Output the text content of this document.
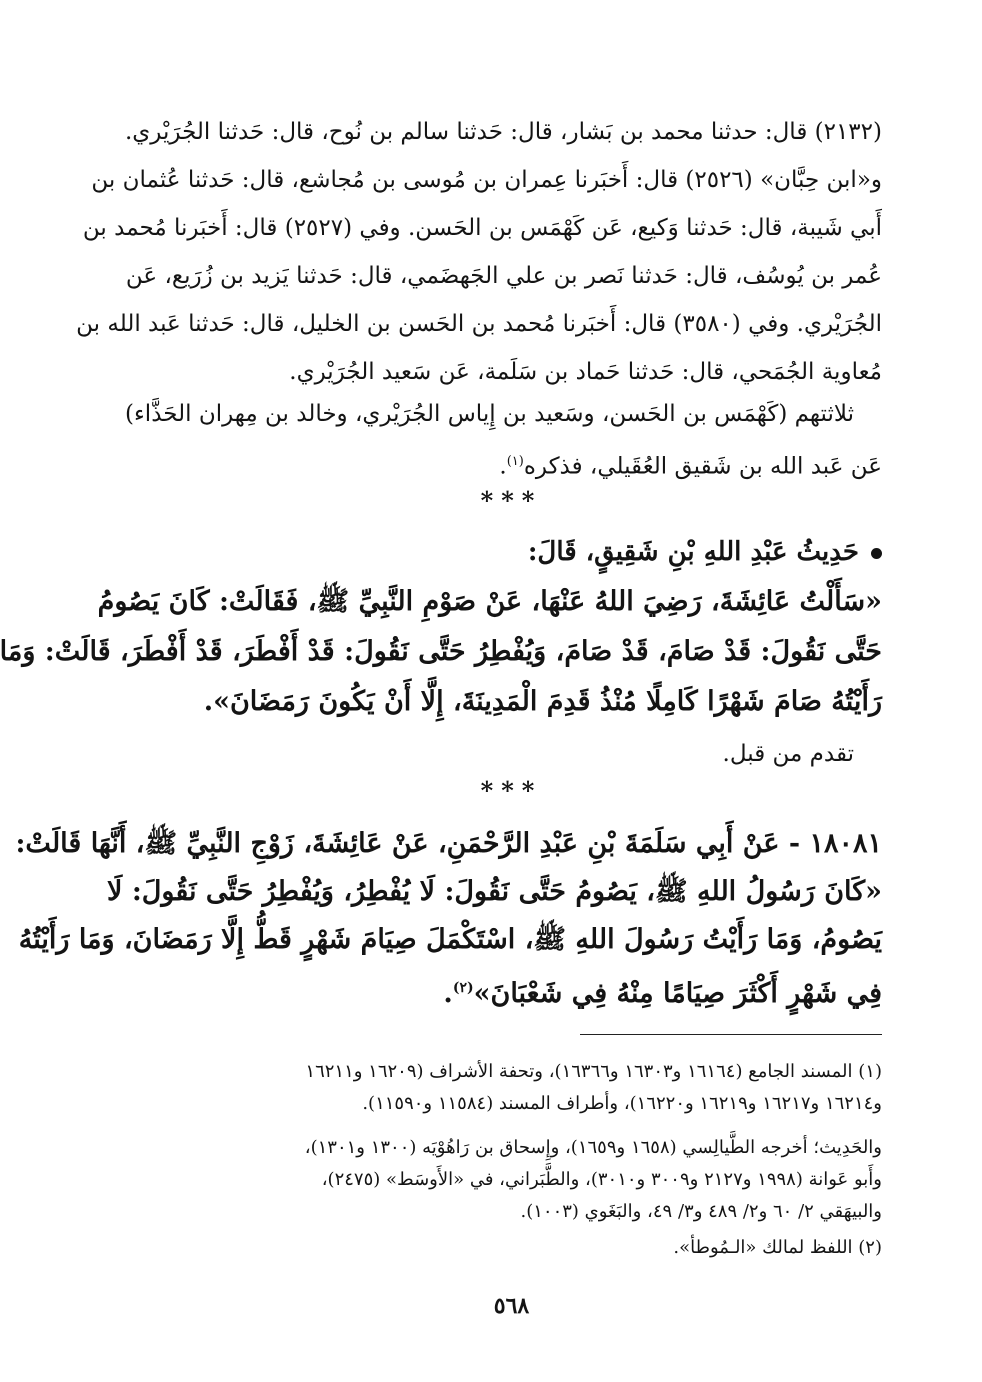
(٢١٣٢) قال: حدثنا محمد بن بَشار، قال: حَدثنا سالم بن نُوح، قال: حَدثنا الجُرَيْري.
و«ابن حِبَّان» (٢٥٢٦) قال: أَخبَرنا عِمران بن مُوسى بن مُجاشع، قال: حَدثنا عُثمان بن
أَبي شَيبة، قال: حَدثنا وَكيع، عَن كَهْمَس بن الحَسن. وفي (٢٥٢٧) قال: أَخبَرنا مُحمد بن
عُمر بن يُوسُف، قال: حَدثنا نَصر بن علي الجَهضَمي، قال: حَدثنا يَزيد بن زُرَيع، عَن
الجُرَيْري. وفي (٣٥٨٠) قال: أَخبَرنا مُحمد بن الحَسن بن الخليل، قال: حَدثنا عَبد الله بن
مُعاوية الجُمَحي، قال: حَدثنا حَماد بن سَلَمة، عَن سَعيد الجُرَيْري.
ثلاثتهم (كَهْمَس بن الحَسن، وسَعيد بن إِياس الجُرَيْري، وخالد بن مِهران الحَذَّاء)
عَن عَبد الله بن شَقيق العُقَيلي، فذكره$^{(١)}$.
***
حَدِيثُ عَبْدِ اللهِ بْنِ شَقِيقٍ، قَالَ:
«سَأَلْتُ عَائِشَةَ، رَضِيَ اللهُ عَنْهَا، عَنْ صَوْمِ النَّبِيِّ ﷺ، فَقَالَتْ: كَانَ يَصُومُ
حَتَّى نَقُولَ: قَدْ صَامَ، قَدْ صَامَ، وَيُفْطِرُ حَتَّى نَقُولَ: قَدْ أَفْطَرَ، قَدْ أَفْطَرَ، قَالَتْ: وَمَا
رَأَيْتُهُ صَامَ شَهْرًا كَامِلًا مُنْذُ قَدِمَ الْمَدِينَةَ، إِلَّا أَنْ يَكُونَ رَمَضَانَ».
تقدم من قبل.
***
١٨٠٨١ - عَنْ أَبِي سَلَمَةَ بْنِ عَبْدِ الرَّحْمَنِ، عَنْ عَائِشَةَ، زَوْجِ النَّبِيِّ ﷺ، أَنَّهَا قَالَتْ:
«كَانَ رَسُولُ اللهِ ﷺ، يَصُومُ حَتَّى نَقُولَ: لَا يُفْطِرُ، وَيُفْطِرُ حَتَّى نَقُولَ: لَا
يَصُومُ، وَمَا رَأَيْتُ رَسُولَ اللهِ ﷺ، اسْتَكْمَلَ صِيَامَ شَهْرٍ قَطُّ إِلَّا رَمَضَانَ، وَمَا رَأَيْتُهُ
فِي شَهْرٍ أَكْثَرَ صِيَامًا مِنْهُ فِي شَعْبَانَ»$^{(٢)}$.
(١) المسند الجامع (١٦١٦٤ و١٦٣٠٣ و١٦٣٦٦)، وتحفة الأشراف (١٦٢٠٩ و١٦٢١١
و١٦٢١٤ و١٦٢١٧ و١٦٢١٩ و١٦٢٢٠)، وأطراف المسند (١١٥٨٤ و١١٥٩٠).
والحَدِيث؛ أخرجه الطَّيالِسي (١٦٥٨ و١٦٥٩)، وإِسحاق بن رَاهُوْيَه (١٣٠٠ و١٣٠١)،
وأَبو عَوانة (١٩٩٨ و٢١٢٧ و٣٠٠٩ و٣٠١٠)، والطَّبَراني، في «الأَوسَط» (٢٤٧٥)،
والبيهَقي ٢/ ٦٠ و٢/ ٤٨٩ و٣/ ٤٩، والبَغَوي (١٠٠٣).
(٢) اللفظ لمالك «الـمُوطأ».
٥٦٨
